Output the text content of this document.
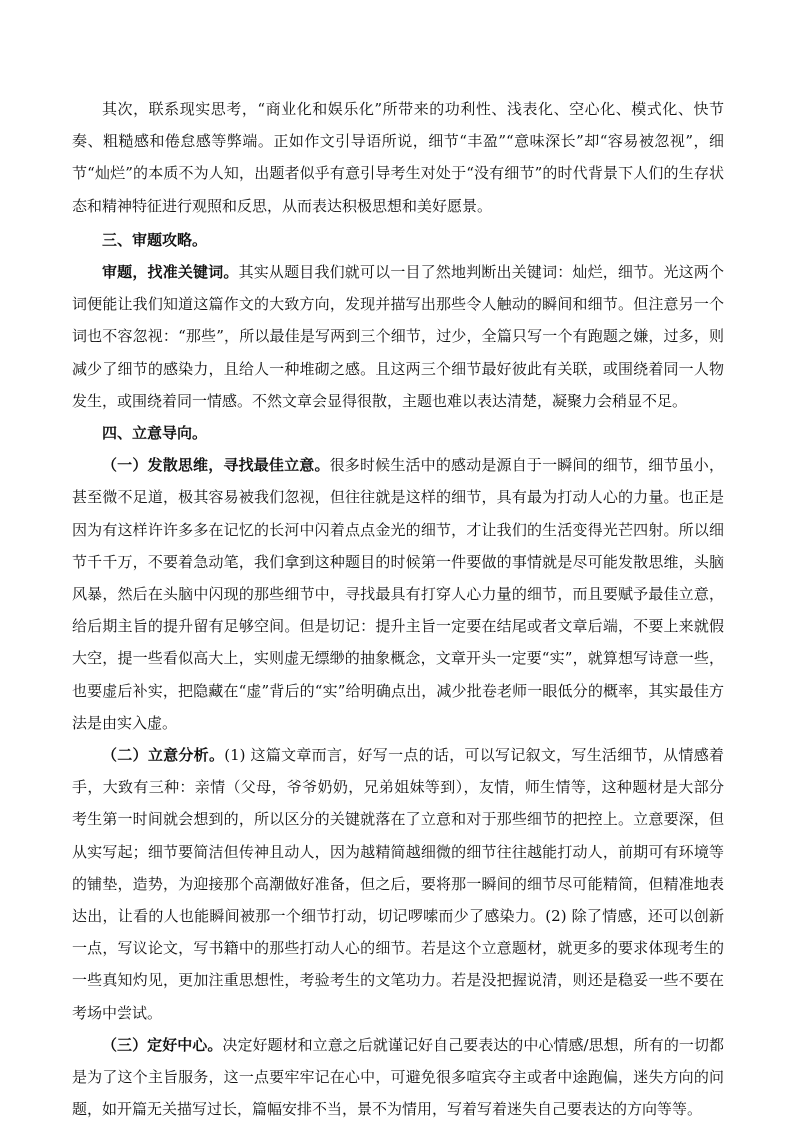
其次，联系现实思考，“商业化和娱乐化”所带来的功利性、浅表化、空心化、模式化、快节奏、粗糙感和倦怠感等弊端。正如作文引导语所说，细节“丰盈”“意味深长”却“容易被忽视”，细节“灿烂”的本质不为人知，出题者似乎有意引导考生对处于“没有细节”的时代背景下人们的生存状态和精神特征进行观照和反思，从而表达积极思想和美好愿景。

三、审题攻略。

审题，找准关键词。其实从题目我们就可以一目了然地判断出关键词：灿烂，细节。光这两个词便能让我们知道这篇作文的大致方向，发现并描写出那些令人触动的瞬间和细节。但注意另一个词也不容忽视：“那些”，所以最佳是写两到三个细节，过少，全篇只写一个有跑题之嫌，过多，则减少了细节的感染力，且给人一种堆砌之感。且这两三个细节最好彼此有关联，或围绕着同一人物发生，或围绕着同一情感。不然文章会显得很散，主题也难以表达清楚，凝聚力会稍显不足。

四、立意导向。

（一）发散思维，寻找最佳立意。很多时候生活中的感动是源自于一瞬间的细节，细节虽小，甚至微不足道，极其容易被我们忽视，但往往就是这样的细节，具有最为打动人心的力量。也正是因为有这样许许多多在记忆的长河中闪着点点金光的细节，才让我们的生活变得光芒四射。所以细节千千万，不要着急动笔，我们拿到这种题目的时候第一件要做的事情就是尽可能发散思维，头脑风暴，然后在头脑中闪现的那些细节中，寻找最具有打穿人心力量的细节，而且要赋予最佳立意，给后期主旨的提升留有足够空间。但是切记：提升主旨一定要在结尾或者文章后端，不要上来就假大空，提一些看似高大上，实则虚无缥缈的抽象概念，文章开头一定要“实”，就算想写诗意一些，也要虚后补实，把隐藏在“虚”背后的“实”给明确点出，减少批卷老师一眼低分的概率，其实最佳方法是由实入虚。

（二）立意分析。(1) 这篇文章而言，好写一点的话，可以写记叙文，写生活细节，从情感着手，大致有三种：亲情（父母，爷爷奶奶，兄弟姐妹等到），友情，师生情等，这种题材是大部分考生第一时间就会想到的，所以区分的关键就落在了立意和对于那些细节的把控上。立意要深，但从实写起；细节要简洁但传神且动人，因为越精简越细微的细节往往越能打动人，前期可有环境等的铺垫，造势，为迎接那个高潮做好准备，但之后，要将那一瞬间的细节尽可能精简，但精准地表达出，让看的人也能瞬间被那一个细节打动，切记啰嗦而少了感染力。(2) 除了情感，还可以创新一点，写议论文，写书籍中的那些打动人心的细节。若是这个立意题材，就更多的要求体现考生的一些真知灼见，更加注重思想性，考验考生的文笔功力。若是没把握说清，则还是稳妥一些不要在考场中尝试。

（三）定好中心。决定好题材和立意之后就谨记好自己要表达的中心情感/思想，所有的一切都是为了这个主旨服务，这一点要牢牢记在心中，可避免很多喧宾夺主或者中途跑偏，迷失方向的问题，如开篇无关描写过长，篇幅安排不当，景不为情用，写着写着迷失自己要表达的方向等等。
